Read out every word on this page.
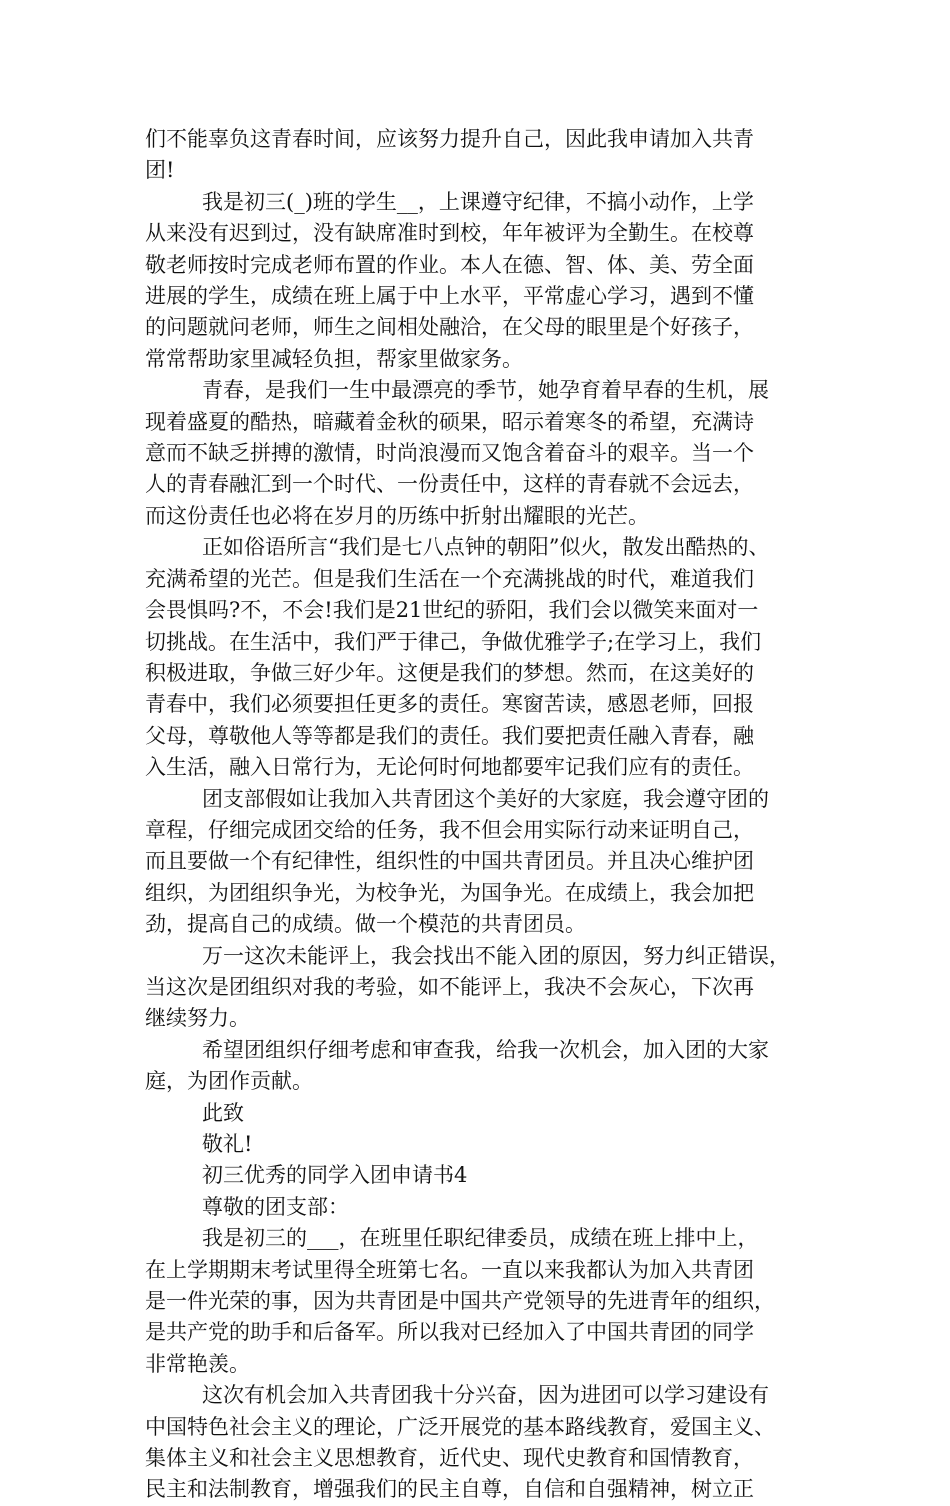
们不能辜负这青春时间，应该努力提升自己，因此我申请加入共青

团!

我是初三(_)班的学生__，上课遵守纪律，不搞小动作，上学

从来没有迟到过，没有缺席准时到校，年年被评为全勤生。在校尊

敬老师按时完成老师布置的作业。本人在德、智、体、美、劳全面

进展的学生，成绩在班上属于中上水平，平常虚心学习，遇到不懂

的问题就问老师，师生之间相处融洽，在父母的眼里是个好孩子，

常常帮助家里减轻负担，帮家里做家务。

青春，是我们一生中最漂亮的季节，她孕育着早春的生机，展

现着盛夏的酷热，暗藏着金秋的硕果，昭示着寒冬的希望，充满诗

意而不缺乏拼搏的激情，时尚浪漫而又饱含着奋斗的艰辛。当一个

人的青春融汇到一个时代、一份责任中，这样的青春就不会远去，

而这份责任也必将在岁月的历练中折射出耀眼的光芒。

正如俗语所言“我们是七八点钟的朝阳”似火，散发出酷热的、

充满希望的光芒。但是我们生活在一个充满挑战的时代，难道我们

会畏惧吗?不，不会!我们是21世纪的骄阳，我们会以微笑来面对一

切挑战。在生活中，我们严于律己，争做优雅学子;在学习上，我们

积极进取，争做三好少年。这便是我们的梦想。然而，在这美好的

青春中，我们必须要担任更多的责任。寒窗苦读，感恩老师，回报

父母，尊敬他人等等都是我们的责任。我们要把责任融入青春，融

入生活，融入日常行为，无论何时何地都要牢记我们应有的责任。

团支部假如让我加入共青团这个美好的大家庭，我会遵守团的

章程，仔细完成团交给的任务，我不但会用实际行动来证明自己，

而且要做一个有纪律性，组织性的中国共青团员。并且决心维护团

组织，为团组织争光，为校争光，为国争光。在成绩上，我会加把

劲，提高自己的成绩。做一个模范的共青团员。

万一这次未能评上，我会找出不能入团的原因，努力纠正错误，

当这次是团组织对我的考验，如不能评上，我决不会灰心，下次再

继续努力。

希望团组织仔细考虑和审查我，给我一次机会，加入团的大家

庭，为团作贡献。

此致

敬礼!

初三优秀的同学入团申请书4

尊敬的团支部：

我是初三的___，在班里任职纪律委员，成绩在班上排中上，

在上学期期末考试里得全班第七名。一直以来我都认为加入共青团

是一件光荣的事，因为共青团是中国共产党领导的先进青年的组织，

是共产党的助手和后备军。所以我对已经加入了中国共青团的同学

非常艳羡。

这次有机会加入共青团我十分兴奋，因为进团可以学习建设有

中国特色社会主义的理论，广泛开展党的基本路线教育，爱国主义、

集体主义和社会主义思想教育，近代史、现代史教育和国情教育，

民主和法制教育，增强我们的民主自尊，自信和自强精神，树立正
